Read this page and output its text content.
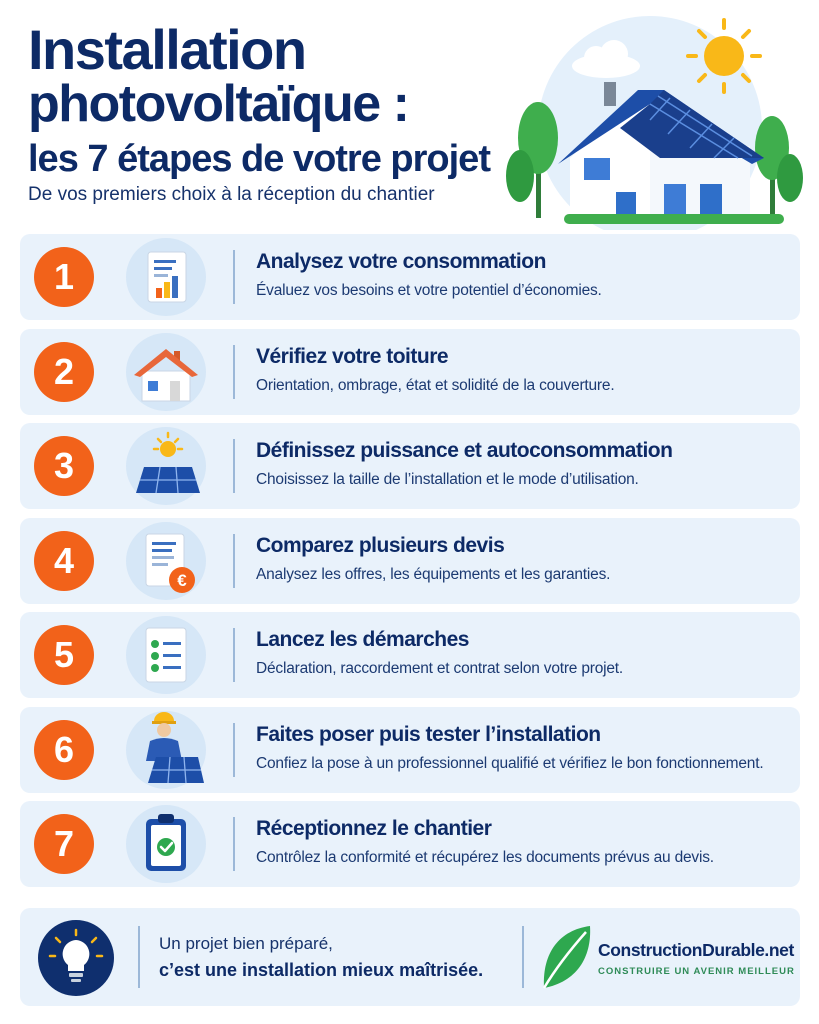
Installation
photovoltaïque :
les 7 étapes de votre projet
De vos premiers choix à la réception du chantier
1	Analysez votre consommation
Évaluez vos besoins et votre potentiel d’économies.
2	Vérifiez votre toiture
Orientation, ombrage, état et solidité de la couverture.
3	Définissez puissance et autoconsommation
Choisissez la taille de l’installation et le mode d’utilisation.
4	€
Comparez plusieurs devis
Analysez les offres, les équipements et les garanties.
5	Lancez les démarches
Déclaration, raccordement et contrat selon votre projet.
6	Faites poser puis tester l’installation
Confiez la pose à un professionnel qualifié et vérifiez le bon fonctionnement.
7	Réceptionnez le chantier
Contrôlez la conformité et récupérez les documents prévus au devis.
Un projet bien préparé,
c’est une installation mieux maîtrisée.
ConstructionDurable.net
CONSTRUIRE UN AVENIR MEILLEUR
